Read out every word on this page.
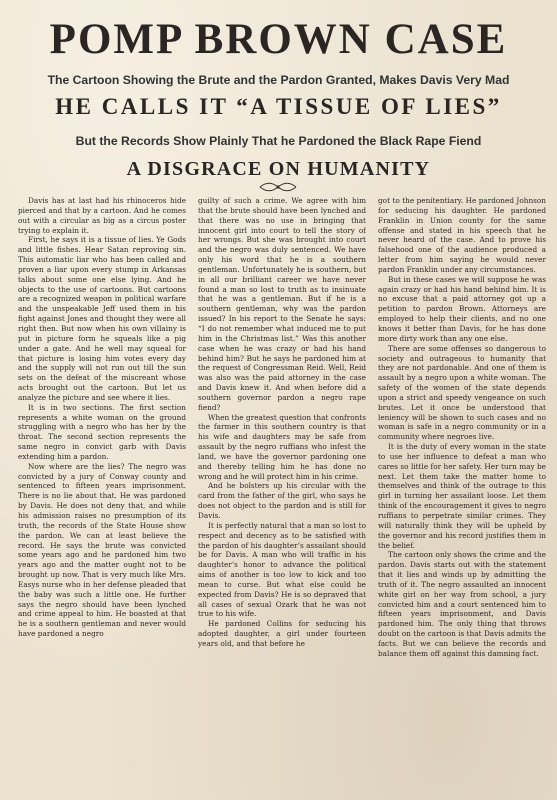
POMP BROWN CASE
The Cartoon Showing the Brute and the Pardon Granted, Makes Davis Very Mad
HE CALLS IT “A TISSUE OF LIES”
But the Records Show Plainly That he Pardoned the Black Rape Fiend
A DISGRACE ON HUMANITY

Davis has at last had his rhinoceros hide pierced and that by a cartoon. And he comes out with a circular as big as a circus poster trying to explain it.

First, he says it is a tissue of lies. Ye Gods and little fishes. Hear Satan reproving sin. This automatic liar who has been called and proven a liar upon every stump in Arkansas talks about some one else lying. And he objects to the use of cartoons. But cartoons are a recognized weapon in political warfare and the unspeakable Jeff used them in his fight against Jones and thought they were all right then. But now when his own villainy is put in picture form he squeals like a pig under a gate. And he well may squeal for that picture is losing him votes every day and the supply will not run out till the sun sets on the defeat of the miscreant whose acts brought out the cartoon. But let us analyze the picture and see where it lies.

It is in two sections. The first section represents a white woman on the ground struggling with a negro who has her by the throat. The second section represents the same negro in convict garb with Davis extending him a pardon.

Now where are the lies? The negro was convicted by a jury of Conway county and sentenced to fifteen years imprisonment. There is no lie about that. He was pardoned by Davis. He does not deny that, and while his admission raises no presumption of its truth, the records of the State House show the pardon. We can at least believe the record. He says the brute was convicted some years ago and he pardoned him two years ago and the matter ought not to be brought up now. That is very much like Mrs. Easys nurse who in her defense pleaded that the baby was such a little one. He further says the negro should have been lynched and crime appeal to him. He boasted at that he is a southern gentleman and never would have pardoned a negro

guilty of such a crime. We agree with him that the brute should have been lynched and that there was no use in bringing that innocent girl into court to tell the story of her wrongs. But she was brought into court and the negro was duly sentenced. We have only his word that he is a southern gentleman. Unfortunately he is southern, but in all our brilliant career we have never found a man so lost to truth as to insinuate that he was a gentleman. But if he is a southern gentleman, why was the pardon issued? In his report to the Senate he says: “I do not remember what induced me to put him in the Christmas list.” Was this another case when he was crazy or had his hand behind him? But he says he pardoned him at the request of Congressman Reid. Well, Reid was also was the paid attorney in the case and Davis knew it. And when before did a southern governor pardon a negro rape fiend?

When the greatest question that confronts the farmer in this southern country is that his wife and daughters may be safe from assault by the negro ruffians who infest the land, we have the governor pardoning one and thereby telling him he has done no wrong and he will protect him in his crime.

And he bolsters up his circular with the card from the father of the girl, who says he does not object to the pardon and is still for Davis.

It is perfectly natural that a man so lost to respect and decency as to be satisfied with the pardon of his daughter’s assailant should be for Davis. A man who will traffic in his daughter’s honor to advance the political aims of another is too low to kick and too mean to curse. But what else could be expected from Davis? He is so depraved that all cases of sexual Ozark that he was not true to his wife.

He pardoned Collins for seducing his adopted daughter, a girl under fourteen years old, and that before he

got to the penitentiary. He pardoned Johnson for seducing his daughter. He pardoned Franklin in Union county for the same offense and stated in his speech that he never heard of the case. And to prove his falsehood one of the audience produced a letter from him saying he would never pardon Franklin under any circumstances.

But in these cases we will suppose he was again crazy or had his hand behind him. It is no excuse that a paid attorney got up a petition to pardon Brown. Attorneys are employed to help their clients, and no one knows it better than Davis, for he has done more dirty work than any one else.

There are some offenses so dangerous to society and outrageous to humanity that they are not pardonable. And one of them is assault by a negro upon a white woman. The safety of the women of the state depends upon a strict and speedy vengeance on such brutes. Let it once be understood that leniency will be shown to such cases and no woman is safe in a negro community or in a community where negroes live.

It is the duty of every woman in the state to use her influence to defeat a man who cares so little for her safety. Her turn may be next. Let them take the matter home to themselves and think of the outrage to this girl in turning her assailant loose. Let them think of the encouragement it gives to negro ruffians to perpetrate similar crimes. They will naturally think they will be upheld by the governor and his record justifies them in the belief.

The cartoon only shows the crime and the pardon. Davis starts out with the statement that it lies and winds up by admitting the truth of it. The negro assaulted an innocent white girl on her way from school, a jury convicted him and a court sentenced him to fifteen years imprisonment, and Davis pardoned him. The only thing that throws doubt on the cartoon is that Davis admits the facts. But we can believe the records and balance them off against this damning fact.
